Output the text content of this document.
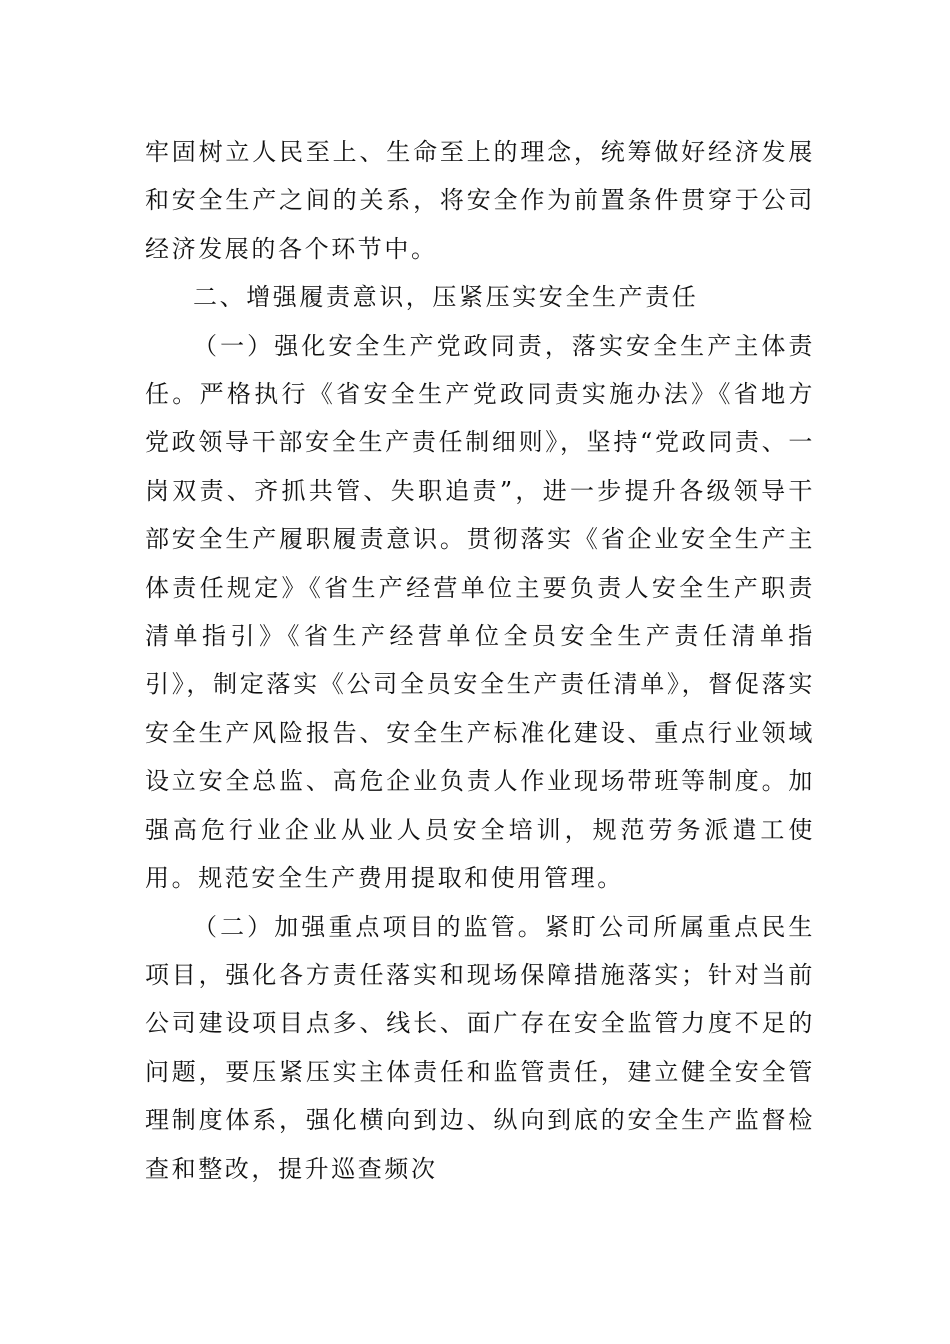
牢固树立人民至上、生命至上的理念，统筹做好经济发展和安全生产之间的关系，将安全作为前置条件贯穿于公司经济发展的各个环节中。

二、增强履责意识，压紧压实安全生产责任

（一）强化安全生产党政同责，落实安全生产主体责任。严格执行《省安全生产党政同责实施办法》《省地方党政领导干部安全生产责任制细则》，坚持“党政同责、一岗双责、齐抓共管、失职追责”，进一步提升各级领导干部安全生产履职履责意识。贯彻落实《省企业安全生产主体责任规定》《省生产经营单位主要负责人安全生产职责清单指引》《省生产经营单位全员安全生产责任清单指引》，制定落实《公司全员安全生产责任清单》，督促落实安全生产风险报告、安全生产标准化建设、重点行业领域设立安全总监、高危企业负责人作业现场带班等制度。加强高危行业企业从业人员安全培训，规范劳务派遣工使用。规范安全生产费用提取和使用管理。

（二）加强重点项目的监管。紧盯公司所属重点民生项目，强化各方责任落实和现场保障措施落实；针对当前公司建设项目点多、线长、面广存在安全监管力度不足的问题，要压紧压实主体责任和监管责任，建立健全安全管理制度体系，强化横向到边、纵向到底的安全生产监督检查和整改，提升巡查频次
